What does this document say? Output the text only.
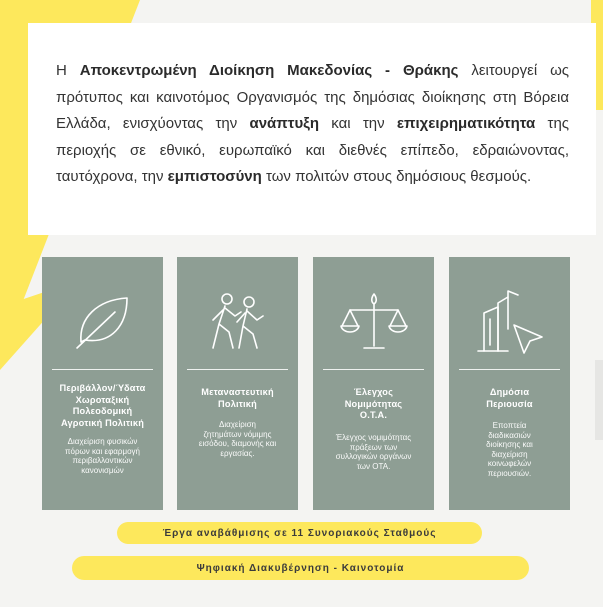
Η Αποκεντρωμένη Διοίκηση Μακεδονίας - Θράκης λειτουργεί ως πρότυπος και καινοτόμος Οργανισμός της δημόσιας διοίκησης στη Βόρεια Ελλάδα, ενισχύοντας την ανάπτυξη και την επιχειρηματικότητα της περιοχής σε εθνικό, ευρωπαϊκό και διεθνές επίπεδο, εδραιώνοντας, ταυτόχρονα, την εμπιστοσύνη των πολιτών στους δημόσιους θεσμούς.

Περιβάλλον/Ύδατα
Χωροταξική
Πολεοδομική
Αγροτική Πολιτική
Διαχείριση φυσικών
πόρων και εφαρμογή
περιβαλλοντικών
κανονισμών
Μεταναστευτική
Πολιτική
Διαχείριση
ζητημάτων νόμιμης
εισόδου, διαμονής και
εργασίας.
Έλεγχος
Νομιμότητας
Ο.Τ.Α.
Έλεγχος νομιμότητας
πράξεων των
συλλογικών οργάνων
των ΟΤΑ.
Δημόσια
Περιουσία
Εποπτεία
διαδικασιών
διοίκησης και
διαχείριση
κοινωφελών
περιουσιών.
Έργα αναβάθμισης σε 11 Συνοριακούς Σταθμούς
Ψηφιακή Διακυβέρνηση - Καινοτομία
